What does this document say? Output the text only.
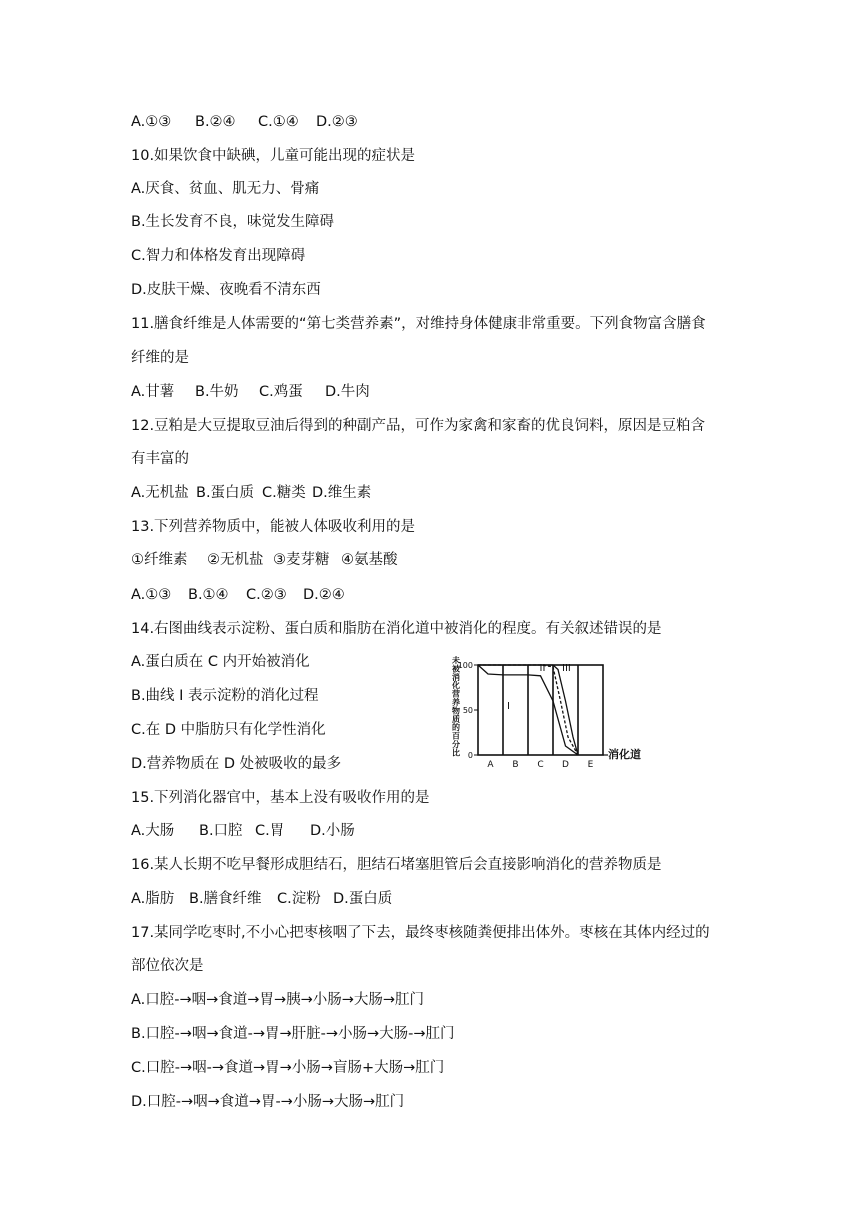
A.①③ B.②④ C.①④ D.②③
10.如果饮食中缺碘，儿童可能出现的症状是
A.厌食、贫血、肌无力、骨痛
B.生长发育不良，味觉发生障碍
C.智力和体格发育出现障碍
D.皮肤干燥、夜晚看不清东西
11.膳食纤维是人体需要的“第七类营养素”，对维持身体健康非常重要。下列食物富含膳食
纤维的是
A.甘薯 B.牛奶 C.鸡蛋 D.牛肉
12.豆粕是大豆提取豆油后得到的种副产品，可作为家禽和家畜的优良饲料，原因是豆粕含
有丰富的
A.无机盐 B.蛋白质 C.糖类 D.维生素
13.下列营养物质中，能被人体吸收利用的是
①纤维素 ②无机盐 ③麦芽糖 ④氨基酸
A.①③ B.①④ C.②③ D.②④
14.右图曲线表示淀粉、蛋白质和脂肪在消化道中被消化的程度。有关叙述错误的是
A.蛋白质在 C 内开始被消化
B.曲线 I 表示淀粉的消化过程
C.在 D 中脂肪只有化学性消化
D.营养物质在 D 处被吸收的最多
未
被
消
化
营
养
物
质
的
百
分
比
100
50
0
I
II III
A B C D E
消化道
15.下列消化器官中，基本上没有吸收作用的是
A.大肠 B.口腔 C.胃 D.小肠
16.某人长期不吃早餐形成胆结石，胆结石堵塞胆管后会直接影响消化的营养物质是
A.脂肪 B.膳食纤维 C.淀粉 D.蛋白质
17.某同学吃枣时,不小心把枣核咽了下去，最终枣核随粪便排出体外。枣核在其体内经过的
部位依次是
A.口腔-→咽→食道→胃→胰→小肠→大肠→肛门
B.口腔-→咽→食道-→胃→肝脏-→小肠→大肠-→肛门
C.口腔-→咽-→食道→胃→小肠→盲肠+大肠→肛门
D.口腔-→咽→食道→胃-→小肠→大肠→肛门
